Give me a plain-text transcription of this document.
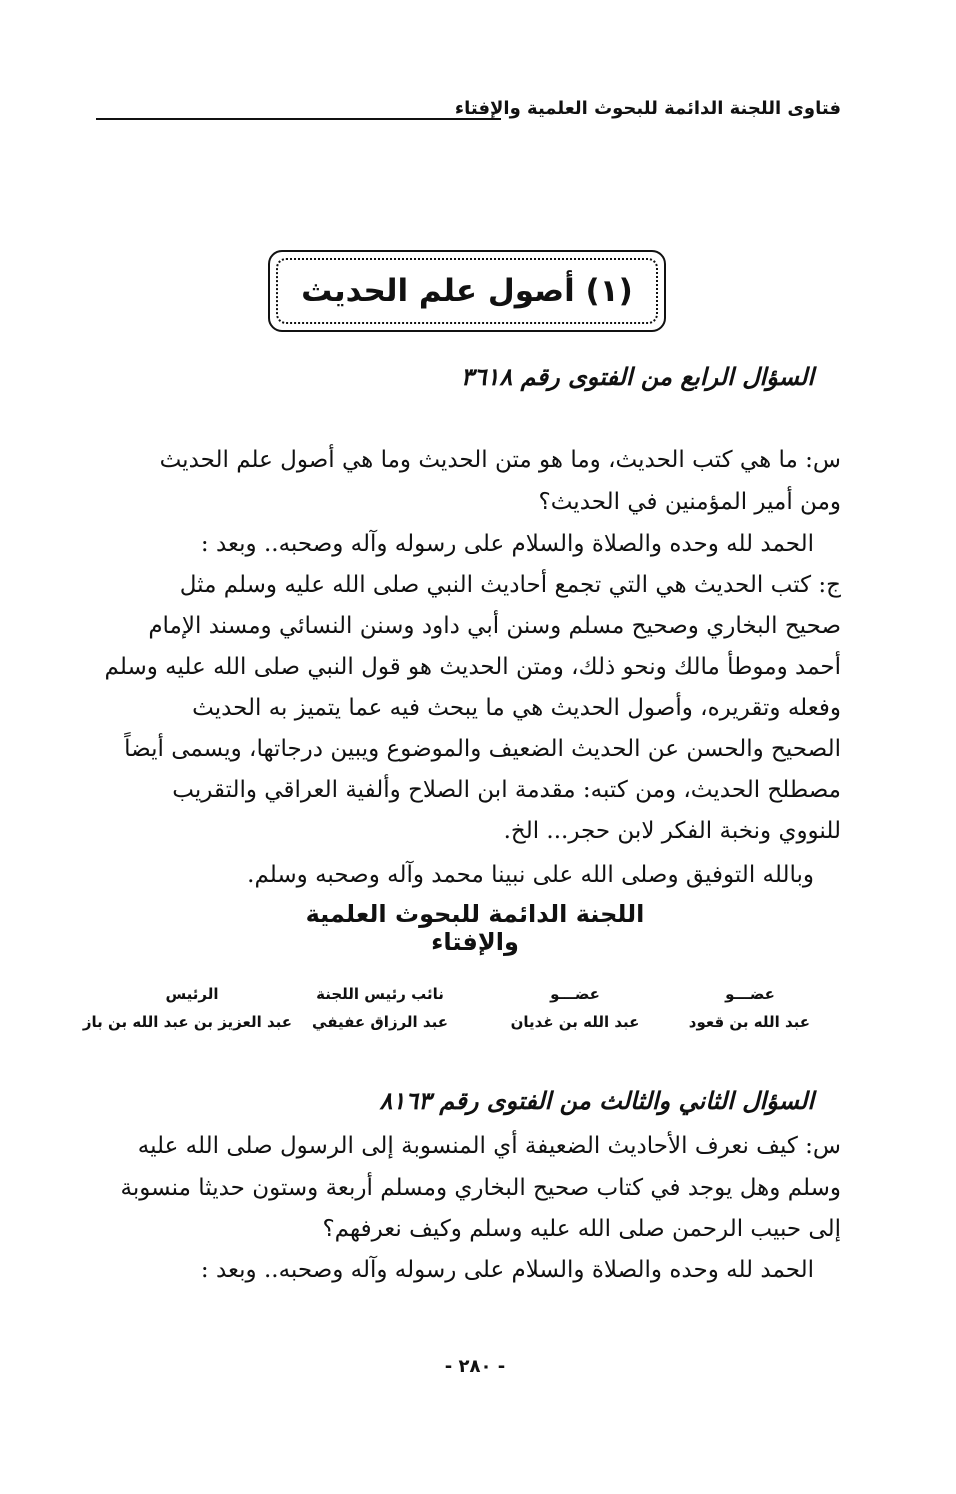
فتاوى اللجنة الدائمة للبحوث العلمية والإفتاء
(١) أصول علم الحديث
السؤال الرابع من الفتوى رقم ٣٦١٨
س: ما هي كتب الحديث، وما هو متن الحديث وما هي أصول علم الحديث
ومن أمير المؤمنين في الحديث؟
الحمد لله وحده والصلاة والسلام على رسوله وآله وصحبه.. وبعد :
ج: كتب الحديث هي التي تجمع أحاديث النبي صلى الله عليه وسلم مثل
صحيح البخاري وصحيح مسلم وسنن أبي داود وسنن النسائي ومسند الإمام
أحمد وموطأ مالك ونحو ذلك، ومتن الحديث هو قول النبي صلى الله عليه وسلم
وفعله وتقريره، وأصول الحديث هي ما يبحث فيه عما يتميز به الحديث
الصحيح والحسن عن الحديث الضعيف والموضوع ويبين درجاتها، ويسمى أيضاً
مصطلح الحديث، ومن كتبه: مقدمة ابن الصلاح وألفية العراقي والتقريب
للنووي ونخبة الفكر لابن حجر... الخ.
وبالله التوفيق وصلى الله على نبينا محمد وآله وصحبه وسلم.
اللجنة الدائمة للبحوث العلمية والإفتاء
عضـــو
عبد الله بن قعود
عضـــو
عبد الله بن غديان
نائب رئيس اللجنة
عبد الرزاق عفيفي
الرئيس
عبد العزيز بن عبد الله بن باز
السؤال الثاني والثالث من الفتوى رقم ٨١٦٣
س: كيف نعرف الأحاديث الضعيفة أي المنسوبة إلى الرسول صلى الله عليه
وسلم وهل يوجد في كتاب صحيح البخاري ومسلم أربعة وستون حديثا منسوبة
إلى حبيب الرحمن صلى الله عليه وسلم وكيف نعرفهم؟
الحمد لله وحده والصلاة والسلام على رسوله وآله وصحبه.. وبعد :
- ٢٨٠ -
